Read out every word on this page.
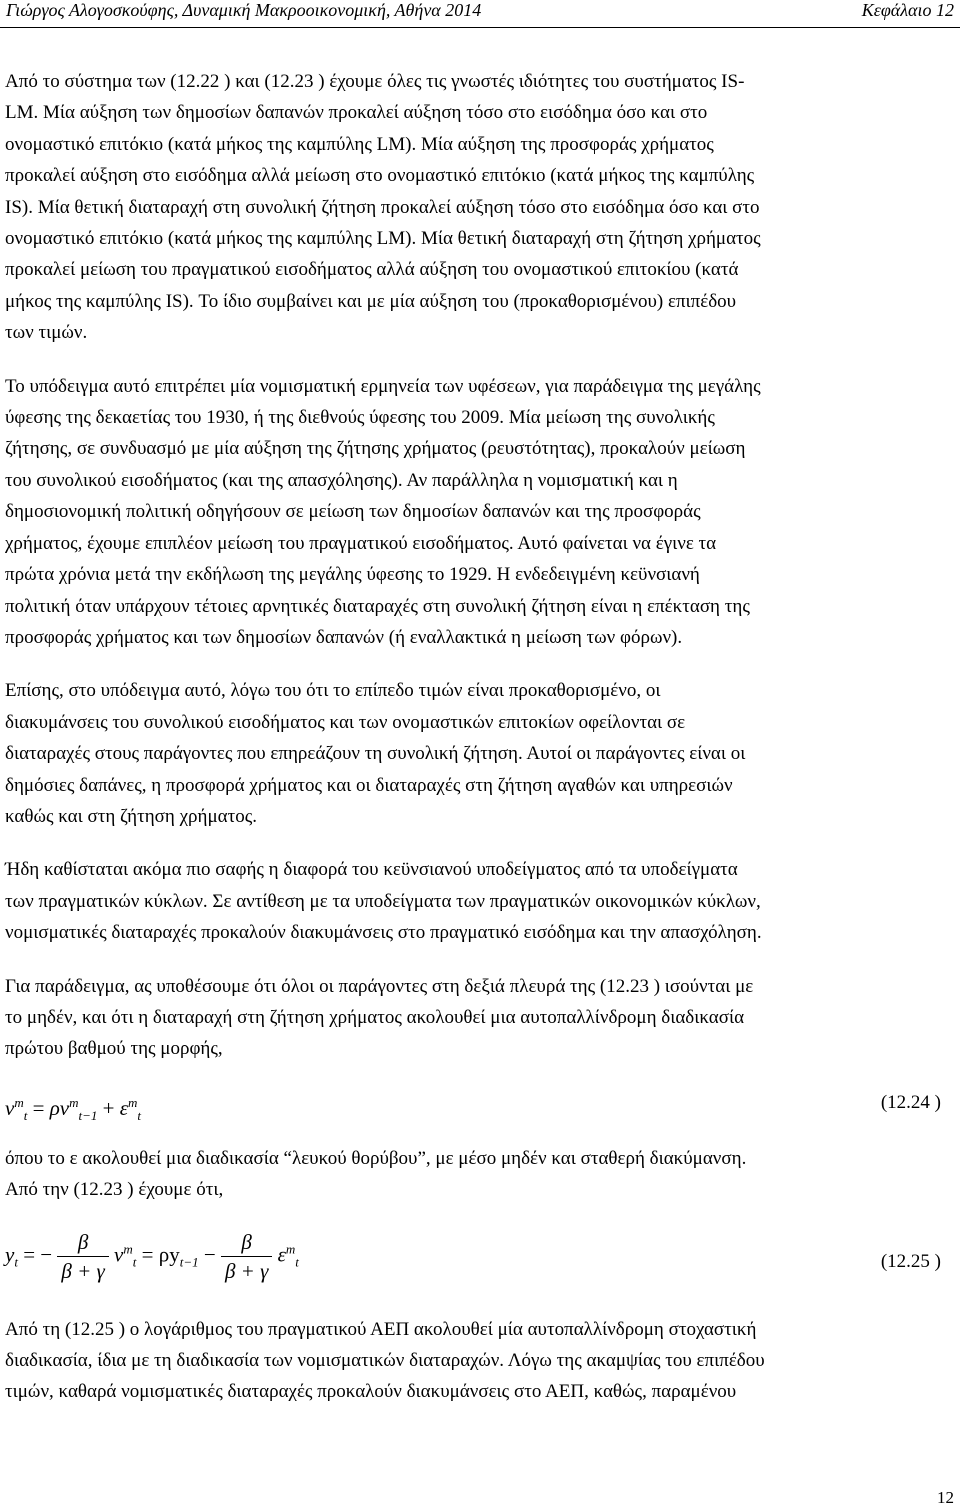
Γιώργος Αλογοσκούφης, Δυναμική Μακροοικονομική, Αθήνα 2014	Κεφάλαιο 12

Από το σύστημα των (12.22 ) και (12.23 ) έχουμε όλες τις γνωστές ιδιότητες του συστήματος IS-
LM. Μία αύξηση των δημοσίων δαπανών προκαλεί αύξηση τόσο στο εισόδημα όσο και στο
ονομαστικό επιτόκιο (κατά μήκος της καμπύλης LM). Μία αύξηση της προσφοράς χρήματος
προκαλεί αύξηση στο εισόδημα αλλά μείωση στο ονομαστικό επιτόκιο (κατά μήκος της καμπύλης
IS). Μία θετική διαταραχή στη συνολική ζήτηση προκαλεί αύξηση τόσο στο εισόδημα όσο και στο
ονομαστικό επιτόκιο (κατά μήκος της καμπύλης LM). Μία θετική διαταραχή στη ζήτηση χρήματος
προκαλεί μείωση του πραγματικού εισοδήματος αλλά αύξηση του ονομαστικού επιτοκίου (κατά
μήκος της καμπύλης IS). Το ίδιο συμβαίνει και με μία αύξηση του (προκαθορισμένου) επιπέδου
των τιμών.

Το υπόδειγμα αυτό επιτρέπει μία νομισματική ερμηνεία των υφέσεων, για παράδειγμα της μεγάλης
ύφεσης της δεκαετίας του 1930, ή της διεθνούς ύφεσης του 2009. Μία μείωση της συνολικής
ζήτησης, σε συνδυασμό με μία αύξηση της ζήτησης χρήματος (ρευστότητας), προκαλούν μείωση
του συνολικού εισοδήματος (και της απασχόλησης). Αν παράλληλα η νομισματική και η
δημοσιονομική πολιτική οδηγήσουν σε μείωση των δημοσίων δαπανών και της προσφοράς
χρήματος, έχουμε επιπλέον μείωση του πραγματικού εισοδήματος. Αυτό φαίνεται να έγινε τα
πρώτα χρόνια μετά την εκδήλωση της μεγάλης ύφεσης το 1929. Η ενδεδειγμένη κεϋνσιανή
πολιτική όταν υπάρχουν τέτοιες αρνητικές διαταραχές στη συνολική ζήτηση είναι η επέκταση της
προσφοράς χρήματος και των δημοσίων δαπανών (ή εναλλακτικά η μείωση των φόρων).

Επίσης, στο υπόδειγμα αυτό, λόγω του ότι το επίπεδο τιμών είναι προκαθορισμένο, οι
διακυμάνσεις του συνολικού εισοδήματος και των ονομαστικών επιτοκίων οφείλονται σε
διαταραχές στους παράγοντες που επηρεάζουν τη συνολική ζήτηση. Αυτοί οι παράγοντες είναι οι
δημόσιες δαπάνες, η προσφορά χρήματος και οι διαταραχές στη ζήτηση αγαθών και υπηρεσιών
καθώς και στη ζήτηση χρήματος.

Ήδη καθίσταται ακόμα πιο σαφής η διαφορά του κεϋνσιανού υποδείγματος από τα υποδείγματα
των πραγματικών κύκλων. Σε αντίθεση με τα υποδείγματα των πραγματικών οικονομικών κύκλων,
νομισματικές διαταραχές προκαλούν διακυμάνσεις στο πραγματικό εισόδημα και την απασχόληση.

Για παράδειγμα, ας υποθέσουμε ότι όλοι οι παράγοντες στη δεξιά πλευρά της (12.23 ) ισούνται με
το μηδέν, και ότι η διαταραχή στη ζήτηση χρήματος ακολουθεί μια αυτοπαλλίνδρομη διαδικασία
πρώτου βαθμού της μορφής,

$v^m_t = \rho v^m_{t-1} + \varepsilon^m_t$
(12.24 )

όπου το ε ακολουθεί μια διαδικασία “λευκού θορύβου”, με μέσο μηδέν και σταθερή διακύμανση.
Από την (12.23 ) έχουμε ότι,

$y_t$ = − $\frac{\beta}{\beta + \gamma} v^m_t = \rho y_{t-1} - \frac{\beta}{\beta + \gamma} \varepsilon^m_t$	(12.25 )

Από τη (12.25 ) ο λογάριθμος του πραγματικού ΑΕΠ ακολουθεί μία αυτοπαλλίνδρομη στοχαστική
διαδικασία, ίδια με τη διαδικασία των νομισματικών διαταραχών. Λόγω της ακαμψίας του επιπέδου
τιμών, καθαρά νομισματικές διαταραχές προκαλούν διακυμάνσεις στο ΑΕΠ, καθώς, παραμένου

12
